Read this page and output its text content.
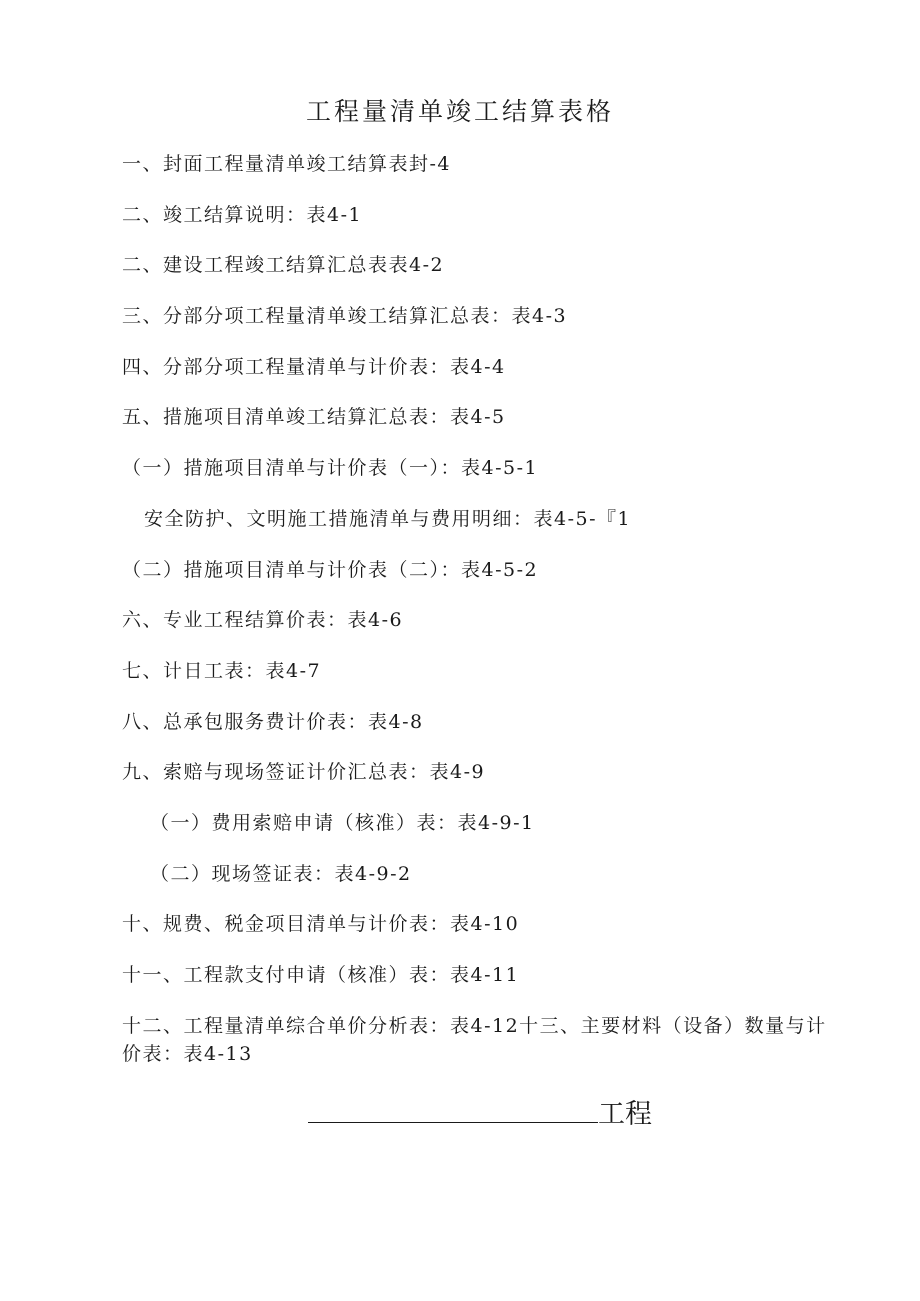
工程量清单竣工结算表格
一、封面工程量清单竣工结算表封-4
二、竣工结算说明：表4-1
二、建设工程竣工结算汇总表表4-2
三、分部分项工程量清单竣工结算汇总表：表4-3
四、分部分项工程量清单与计价表：表4-4
五、措施项目清单竣工结算汇总表：表4-5
（一）措施项目清单与计价表（一）：表4-5-1
安全防护、文明施工措施清单与费用明细：表4-5-『1
（二）措施项目清单与计价表（二）：表4-5-2
六、专业工程结算价表：表4-6
七、计日工表：表4-7
八、总承包服务费计价表：表4-8
九、索赔与现场签证计价汇总表：表4-9
（一）费用索赔申请（核准）表：表4-9-1
（二）现场签证表：表4-9-2
十、规费、税金项目清单与计价表：表4-10
十一、工程款支付申请（核准）表：表4-11
十二、工程量清单综合单价分析表：表4-12十三、主要材料（设备）数量与计价表：表4-13
工程
